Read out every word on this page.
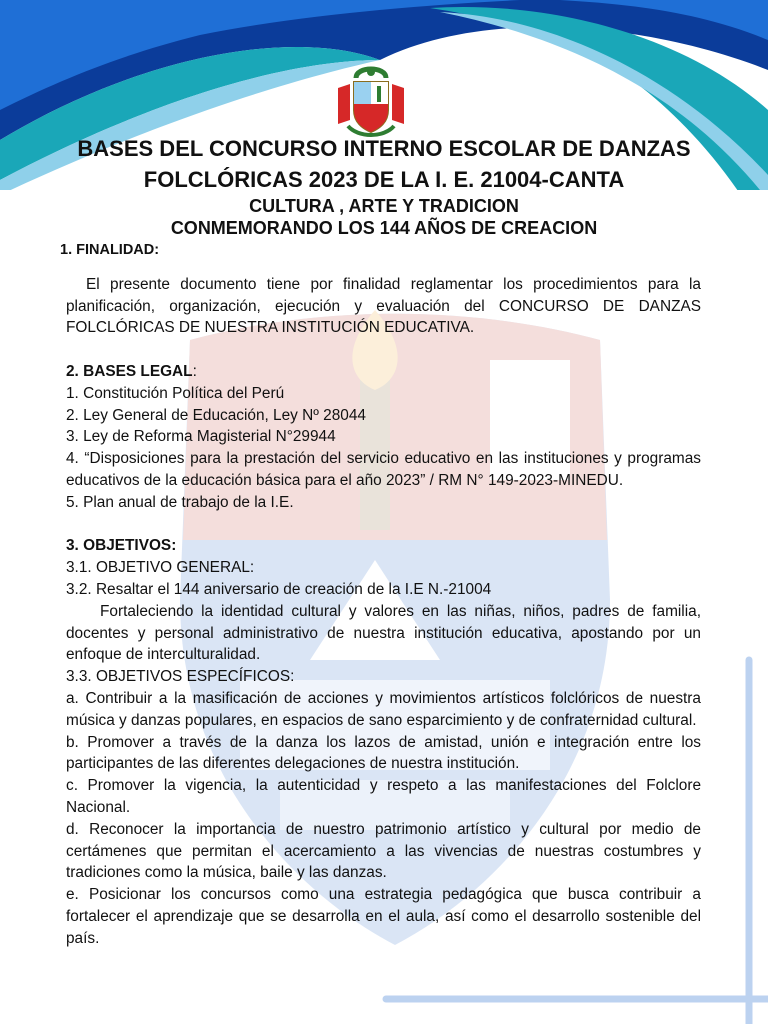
BASES DEL CONCURSO INTERNO ESCOLAR DE DANZAS
FOLCLÓRICAS 2023 DE LA I. E. 21004-CANTA
CULTURA , ARTE Y TRADICION
CONMEMORANDO LOS 144 AÑOS DE CREACION
1. FINALIDAD:
El presente documento tiene por finalidad reglamentar los procedimientos para la planificación, organización, ejecución y evaluación del CONCURSO DE DANZAS FOLCLÓRICAS DE NUESTRA INSTITUCIÓN EDUCATIVA.
2. BASES LEGAL:
1. Constitución Política del Perú
2. Ley General de Educación, Ley Nº 28044
3. Ley de Reforma Magisterial N°29944
4. “Disposiciones para la prestación del servicio educativo en las instituciones y programas educativos de la educación básica para el año 2023” / RM N° 149-2023-MINEDU.
5. Plan anual de trabajo de la I.E.
3. OBJETIVOS:
3.1. OBJETIVO GENERAL:
3.2. Resaltar el 144 aniversario de creación de la I.E N.-21004
Fortaleciendo la identidad cultural y valores en las niñas, niños, padres de familia, docentes y personal administrativo de nuestra institución educativa, apostando por un enfoque de interculturalidad.
3.3. OBJETIVOS ESPECÍFICOS:
a. Contribuir a la masificación de acciones y movimientos artísticos folclóricos de nuestra música y danzas populares, en espacios de sano esparcimiento y de confraternidad cultural.
b. Promover a través de la danza los lazos de amistad, unión e integración entre los participantes de las diferentes delegaciones de nuestra institución.
c. Promover la vigencia, la autenticidad y respeto a las manifestaciones del Folclore Nacional.
d. Reconocer la importancia de nuestro patrimonio artístico y cultural por medio de certámenes que permitan el acercamiento a las vivencias de nuestras costumbres y tradiciones como la música, baile y las danzas.
e. Posicionar los concursos como una estrategia pedagógica que busca contribuir a fortalecer el aprendizaje que se desarrolla en el aula, así como el desarrollo sostenible del país.
